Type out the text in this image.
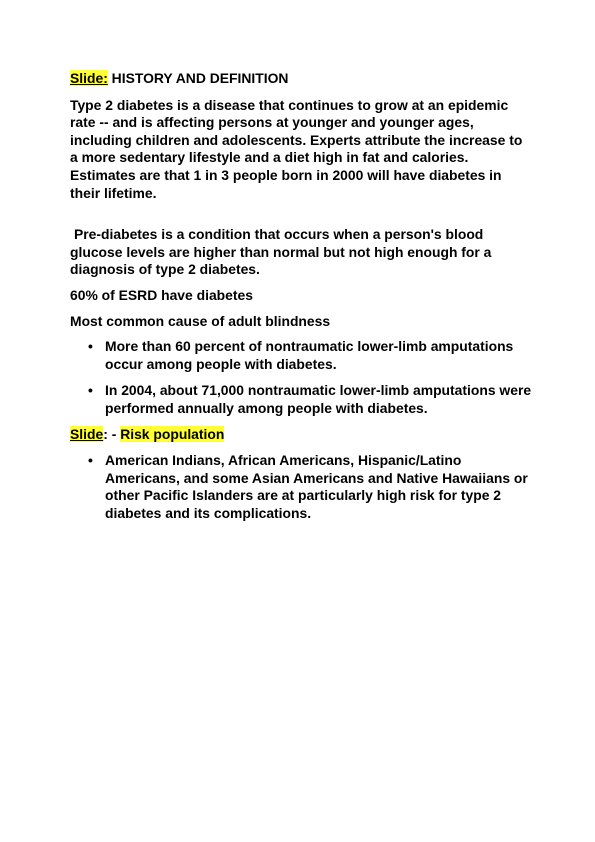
Slide: HISTORY AND DEFINITION
Type 2 diabetes is a disease that continues to grow at an epidemic rate -- and is affecting persons at younger and younger ages, including children and adolescents. Experts attribute the increase to a more sedentary lifestyle and a diet high in fat and calories. Estimates are that 1 in 3 people born in 2000 will have diabetes in their lifetime.
Pre-diabetes is a condition that occurs when a person's blood glucose levels are higher than normal but not high enough for a diagnosis of type 2 diabetes.
60% of ESRD have diabetes
Most common cause of adult blindness
• More than 60 percent of nontraumatic lower-limb amputations occur among people with diabetes.
• In 2004, about 71,000 nontraumatic lower-limb amputations were performed annually among people with diabetes.
Slide: - Risk population
• American Indians, African Americans, Hispanic/Latino Americans, and some Asian Americans and Native Hawaiians or other Pacific Islanders are at particularly high risk for type 2 diabetes and its complications.
